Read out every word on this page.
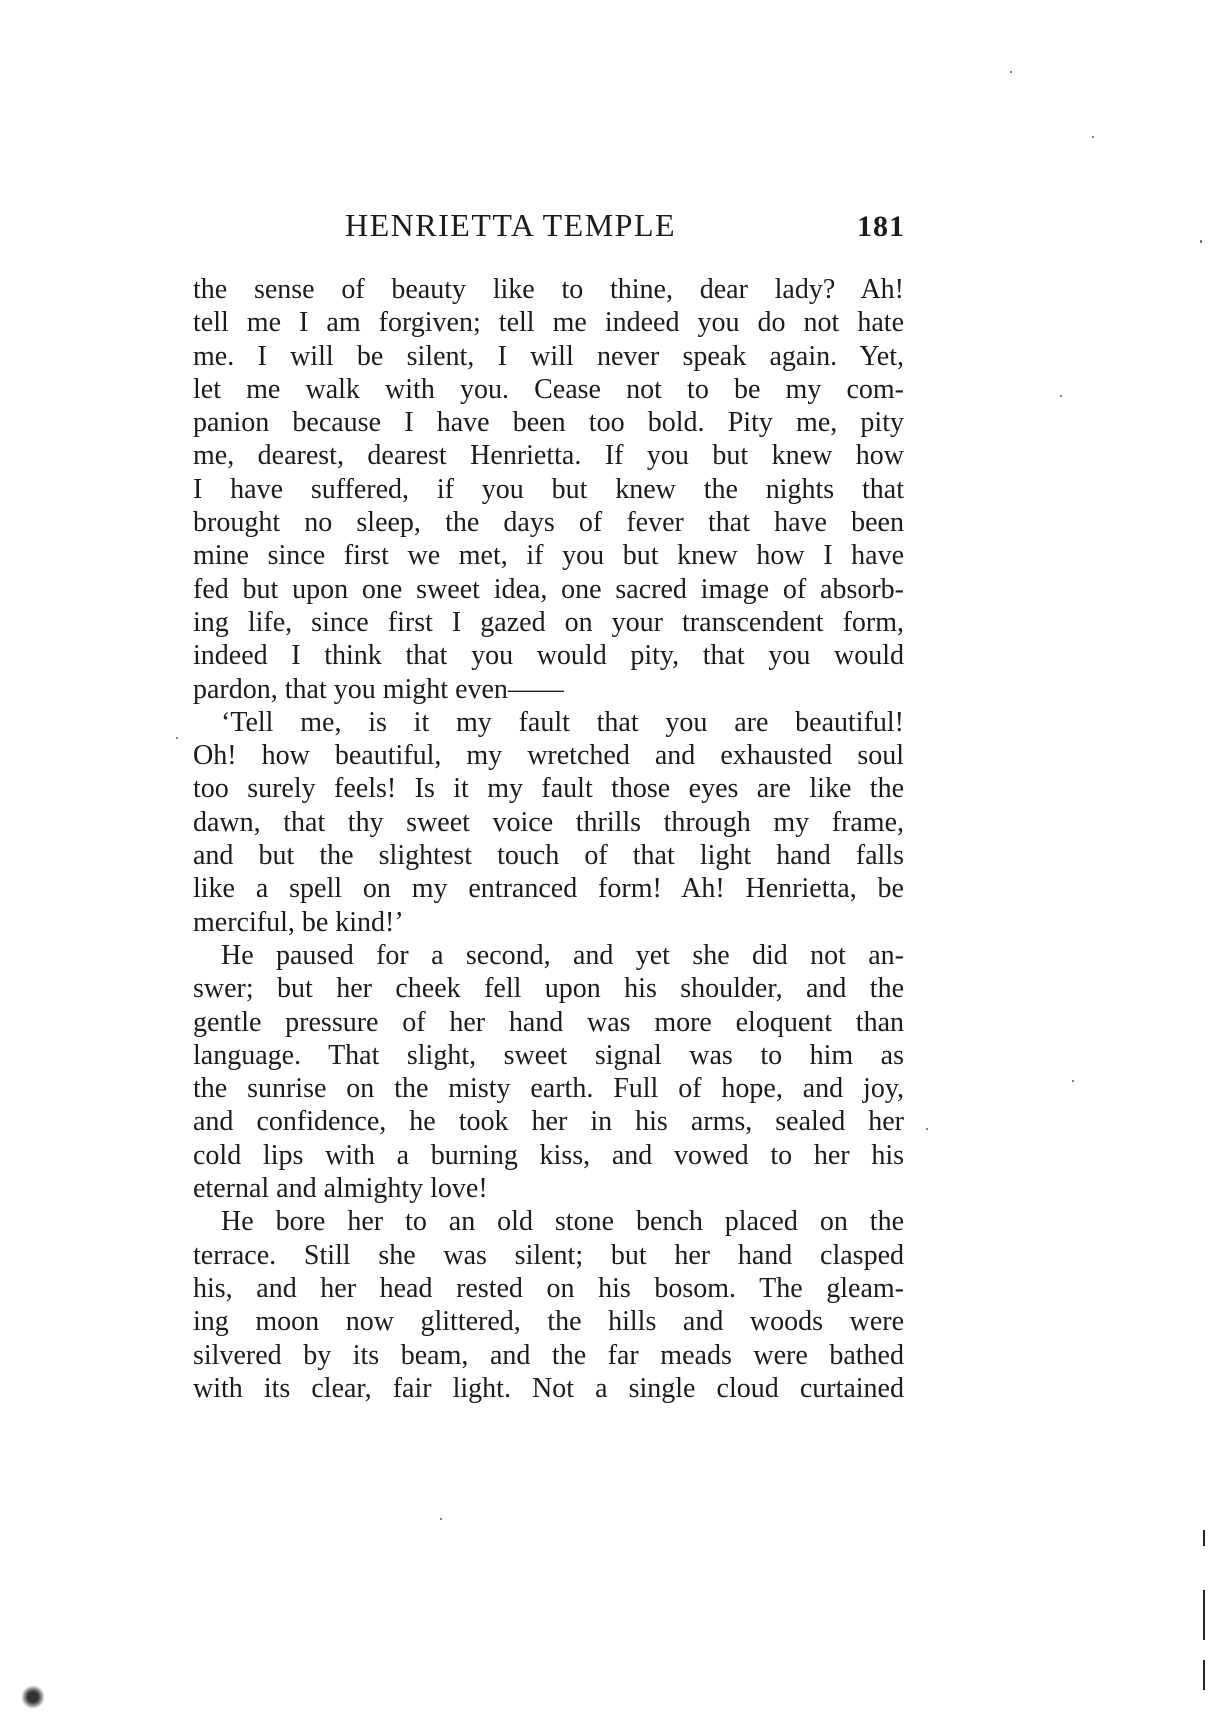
HENRIETTA TEMPLE	181
the sense of beauty like to thine, dear lady? Ah!
tell me I am forgiven; tell me indeed you do not hate
me. I will be silent, I will never speak again. Yet,
let me walk with you. Cease not to be my com-
panion because I have been too bold. Pity me, pity
me, dearest, dearest Henrietta. If you but knew how
I have suffered, if you but knew the nights that
brought no sleep, the days of fever that have been
mine since first we met, if you but knew how I have
fed but upon one sweet idea, one sacred image of absorb-
ing life, since first I gazed on your transcendent form,
indeed I think that you would pity, that you would
pardon, that you might even——
‘Tell me, is it my fault that you are beautiful!
Oh! how beautiful, my wretched and exhausted soul
too surely feels! Is it my fault those eyes are like the
dawn, that thy sweet voice thrills through my frame,
and but the slightest touch of that light hand falls
like a spell on my entranced form! Ah! Henrietta, be
merciful, be kind!’
He paused for a second, and yet she did not an-
swer; but her cheek fell upon his shoulder, and the
gentle pressure of her hand was more eloquent than
language. That slight, sweet signal was to him as
the sunrise on the misty earth. Full of hope, and joy,
and confidence, he took her in his arms, sealed her
cold lips with a burning kiss, and vowed to her his
eternal and almighty love!
He bore her to an old stone bench placed on the
terrace. Still she was silent; but her hand clasped
his, and her head rested on his bosom. The gleam-
ing moon now glittered, the hills and woods were
silvered by its beam, and the far meads were bathed
with its clear, fair light. Not a single cloud curtained
